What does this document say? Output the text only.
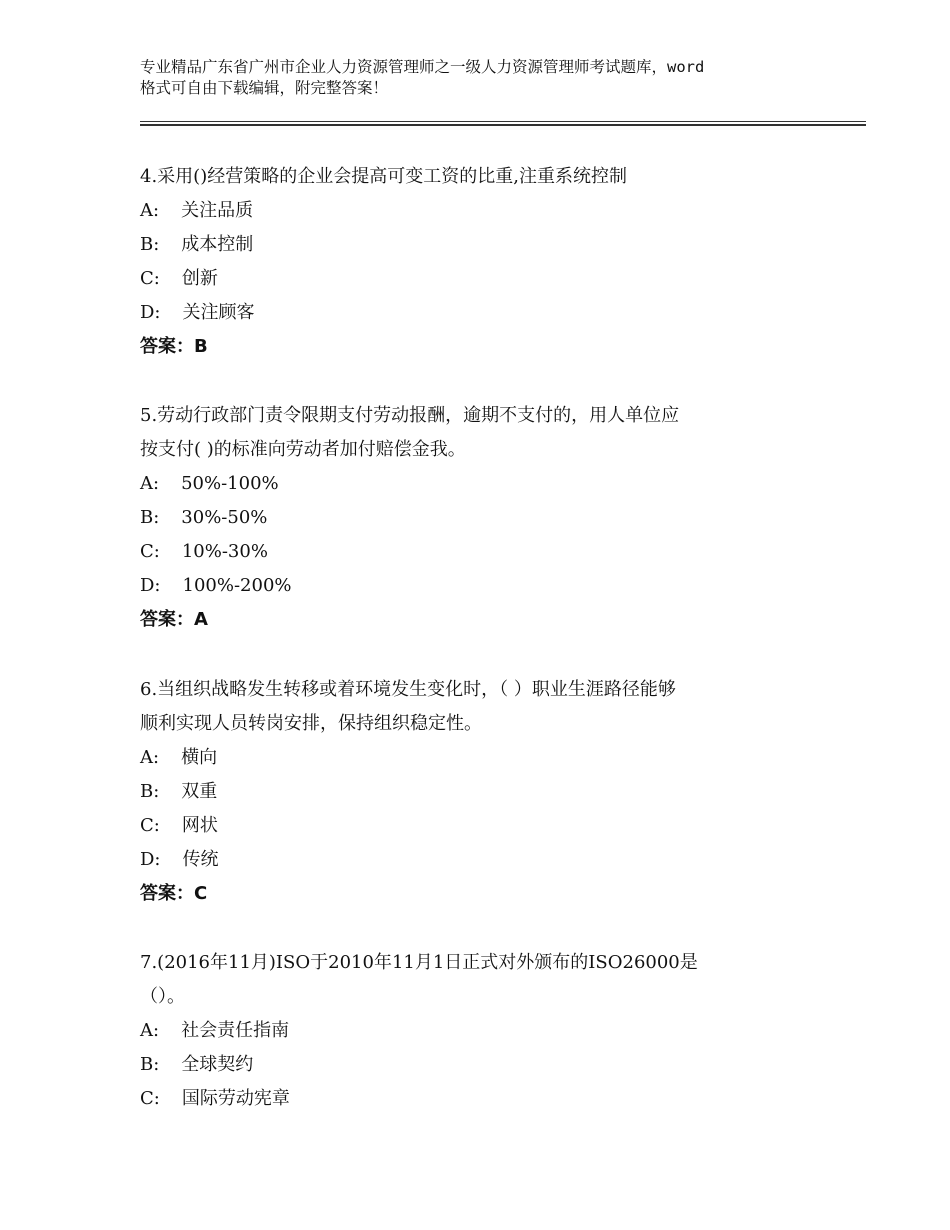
专业精品广东省广州市企业人力资源管理师之一级人力资源管理师考试题库，word
格式可自由下载编辑，附完整答案！
4.采用()经营策略的企业会提高可变工资的比重,注重系统控制
A: 关注品质
B: 成本控制
C: 创新
D: 关注顾客
答案：B
5.劳动行政部门责令限期支付劳动报酬，逾期不支付的，用人单位应
按支付( )的标准向劳动者加付赔偿金我。
A: 50%-100%
B: 30%-50%
C: 10%-30%
D: 100%-200%
答案：A
6.当组织战略发生转移或着环境发生变化时，（ ）职业生涯路径能够
顺利实现人员转岗安排，保持组织稳定性。
A: 横向
B: 双重
C: 网状
D: 传统
答案：C
7.(2016年11月)ISO于2010年11月1日正式对外颁布的ISO26000是
（）。
A: 社会责任指南
B: 全球契约
C: 国际劳动宪章
